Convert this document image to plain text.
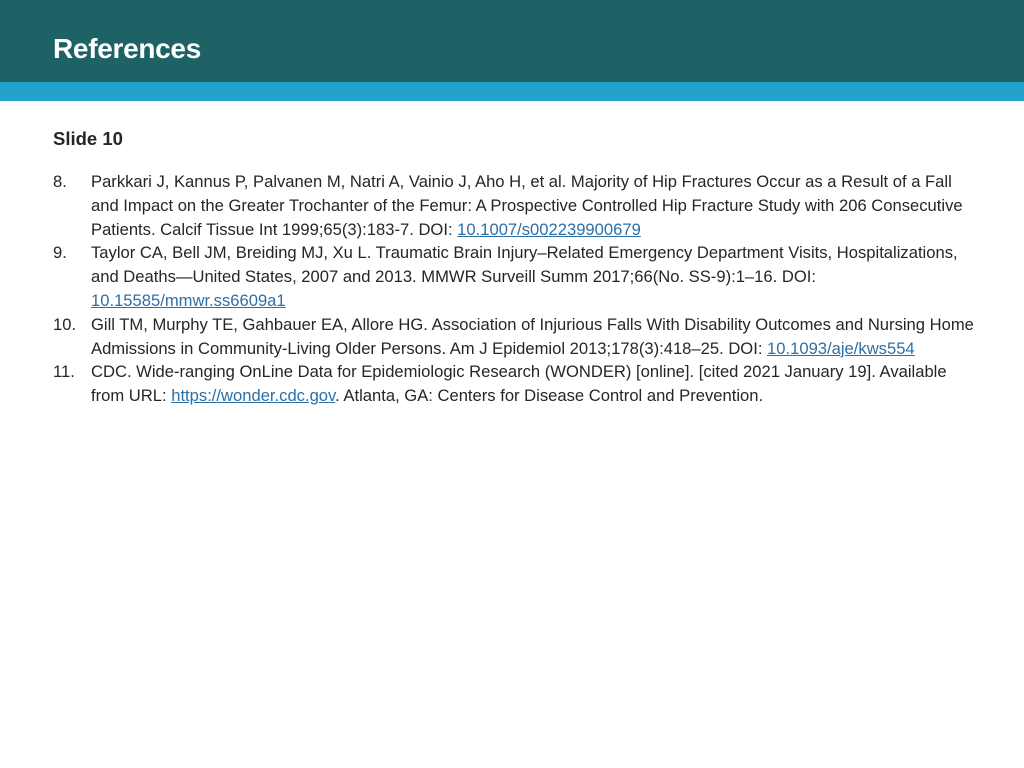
References
Slide 10
8. Parkkari J, Kannus P, Palvanen M, Natri A, Vainio J, Aho H, et al. Majority of Hip Fractures Occur as a Result of a Fall and Impact on the Greater Trochanter of the Femur: A Prospective Controlled Hip Fracture Study with 206 Consecutive Patients. Calcif Tissue Int 1999;65(3):183-7. DOI: 10.1007/s002239900679
9. Taylor CA, Bell JM, Breiding MJ, Xu L. Traumatic Brain Injury–Related Emergency Department Visits, Hospitalizations, and Deaths—United States, 2007 and 2013. MMWR Surveill Summ 2017;66(No. SS-9):1–16. DOI: 10.15585/mmwr.ss6609a1
10. Gill TM, Murphy TE, Gahbauer EA, Allore HG. Association of Injurious Falls With Disability Outcomes and Nursing Home Admissions in Community-Living Older Persons. Am J Epidemiol 2013;178(3):418–25. DOI: 10.1093/aje/kws554
11. CDC. Wide-ranging OnLine Data for Epidemiologic Research (WONDER) [online]. [cited 2021 January 19]. Available from URL: https://wonder.cdc.gov. Atlanta, GA: Centers for Disease Control and Prevention.
